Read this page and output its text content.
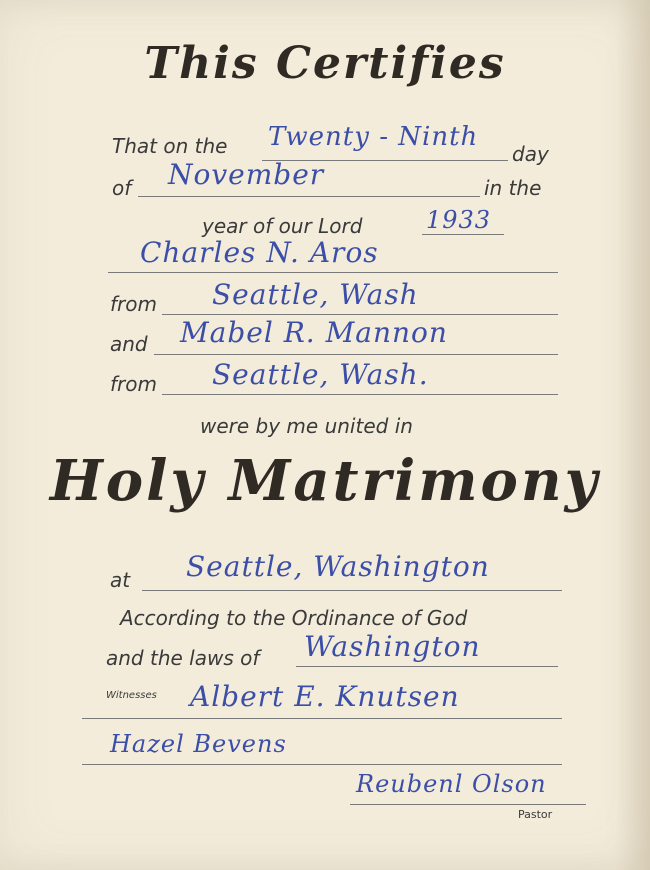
This Certifies
That on the Twenty - Ninth
day
of November	in the
year of our Lord	1933
Charles N. Aros
from Seattle, Wash
and Mabel R. Mannon
from Seattle, Wash.
were by me united in
Holy Matrimony
at Seattle, Washington
According to the Ordinance of God
and the laws of Washington
Witnesses Albert E. Knutsen
Hazel Bevens
Reubenl Olson
Pastor
